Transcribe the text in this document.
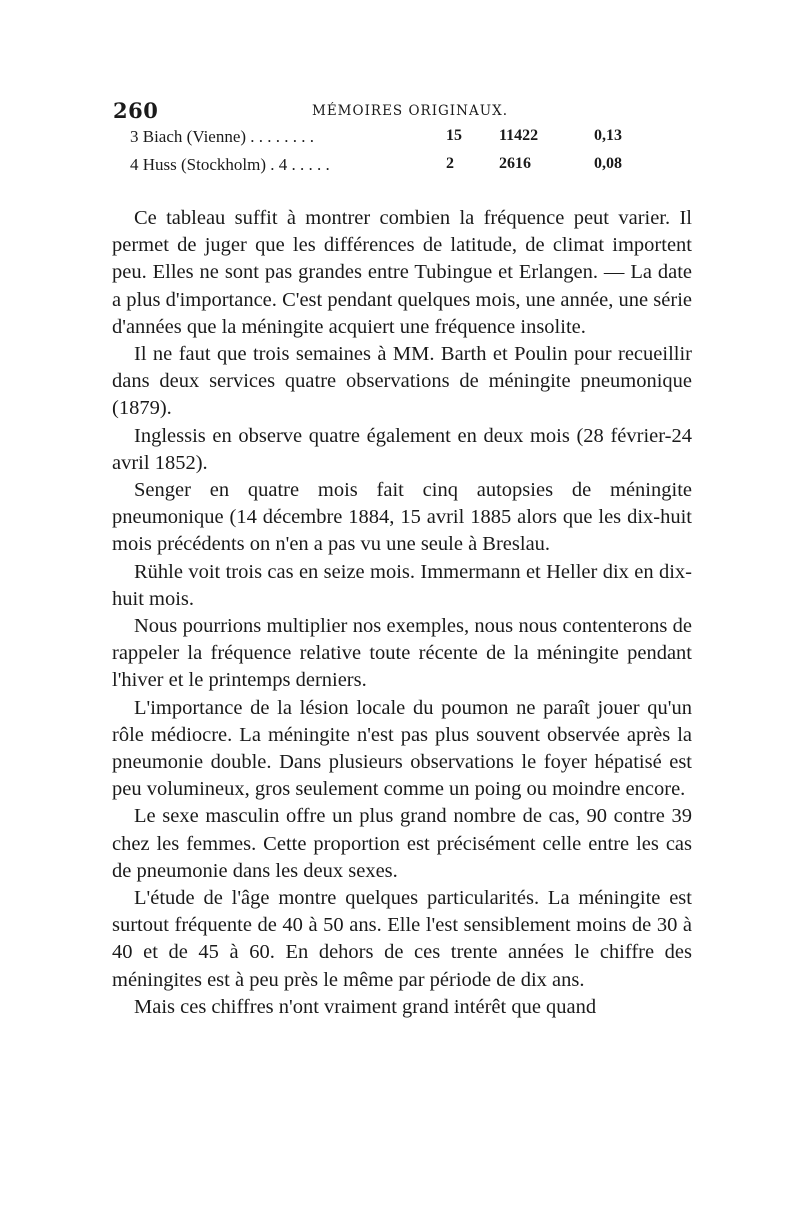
260	MÉMOIRES ORIGINAUX.
3 Biach (Vienne) . . . . . . . .	15 11422	0,13
4 Huss (Stockholm) . 4 . . . . .	2	2616	0,08

Ce tableau suffit à montrer combien la fréquence peut varier. Il permet de juger que les différences de latitude, de climat importent peu. Elles ne sont pas grandes entre Tubingue et Erlangen. — La date a plus d'importance. C'est pendant quelques mois, une année, une série d'années que la méningite acquiert une fréquence insolite.

Il ne faut que trois semaines à MM. Barth et Poulin pour recueillir dans deux services quatre observations de méningite pneumonique (1879).

Inglessis en observe quatre également en deux mois (28 février-24 avril 1852).

Senger en quatre mois fait cinq autopsies de méningite pneumonique (14 décembre 1884, 15 avril 1885 alors que les dix-huit mois précédents on n'en a pas vu une seule à Breslau.

Rühle voit trois cas en seize mois. Immermann et Heller dix en dix-huit mois.

Nous pourrions multiplier nos exemples, nous nous contenterons de rappeler la fréquence relative toute récente de la méningite pendant l'hiver et le printemps derniers.

L'importance de la lésion locale du poumon ne paraît jouer qu'un rôle médiocre. La méningite n'est pas plus souvent observée après la pneumonie double. Dans plusieurs observations le foyer hépatisé est peu volumineux, gros seulement comme un poing ou moindre encore.

Le sexe masculin offre un plus grand nombre de cas, 90 contre 39 chez les femmes. Cette proportion est précisément celle entre les cas de pneumonie dans les deux sexes.

L'étude de l'âge montre quelques particularités. La méningite est surtout fréquente de 40 à 50 ans. Elle l'est sensiblement moins de 30 à 40 et de 45 à 60. En dehors de ces trente années le chiffre des méningites est à peu près le même par période de dix ans.

Mais ces chiffres n'ont vraiment grand intérêt que quand
